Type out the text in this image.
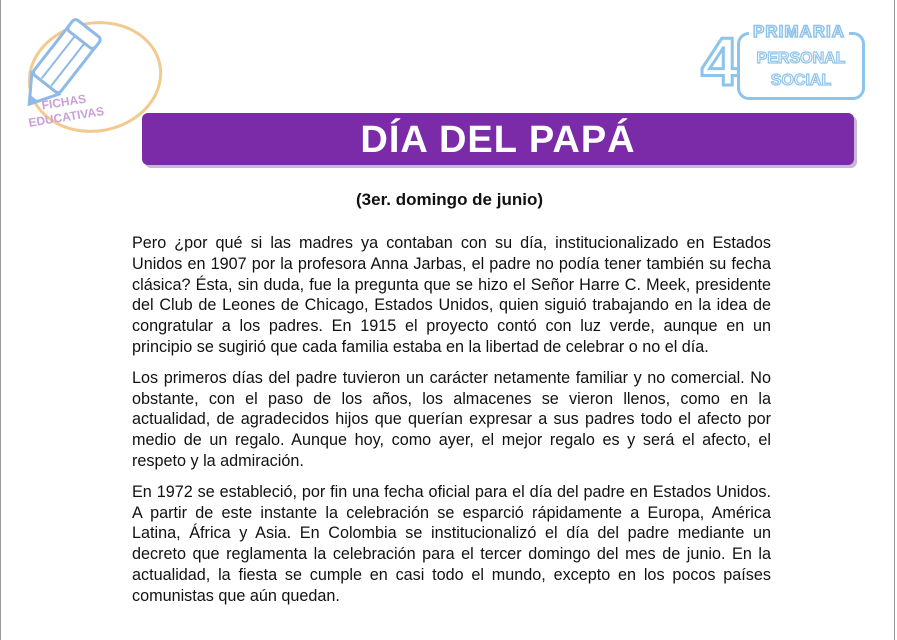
FICHAS
EDUCATIVAS
4 PRIMARIA
PERSONAL
SOCIAL
DÍA DEL PAPÁ
(3er. domingo de junio)

Pero ¿por qué si las madres ya contaban con su día, institucionalizado en Estados Unidos en 1907 por la profesora Anna Jarbas, el padre no podía tener también su fecha clásica? Ésta, sin duda, fue la pregunta que se hizo el Señor Harre C. Meek, presidente del Club de Leones de Chicago, Estados Unidos, quien siguió trabajando en la idea de congratular a los padres. En 1915 el proyecto contó con luz verde, aunque en un principio se sugirió que cada familia estaba en la libertad de celebrar o no el día.

Los primeros días del padre tuvieron un carácter netamente familiar y no comercial. No obstante, con el paso de los años, los almacenes se vieron llenos, como en la actualidad, de agradecidos hijos que querían expresar a sus padres todo el afecto por medio de un regalo. Aunque hoy, como ayer, el mejor regalo es y será el afecto, el respeto y la admiración.

En 1972 se estableció, por fin una fecha oficial para el día del padre en Estados Unidos. A partir de este instante la celebración se esparció rápidamente a Europa, América Latina, África y Asia. En Colombia se institucionalizó el día del padre mediante un decreto que reglamenta la celebración para el tercer domingo del mes de junio. En la actualidad, la fiesta se cumple en casi todo el mundo, excepto en los pocos países comunistas que aún quedan.
